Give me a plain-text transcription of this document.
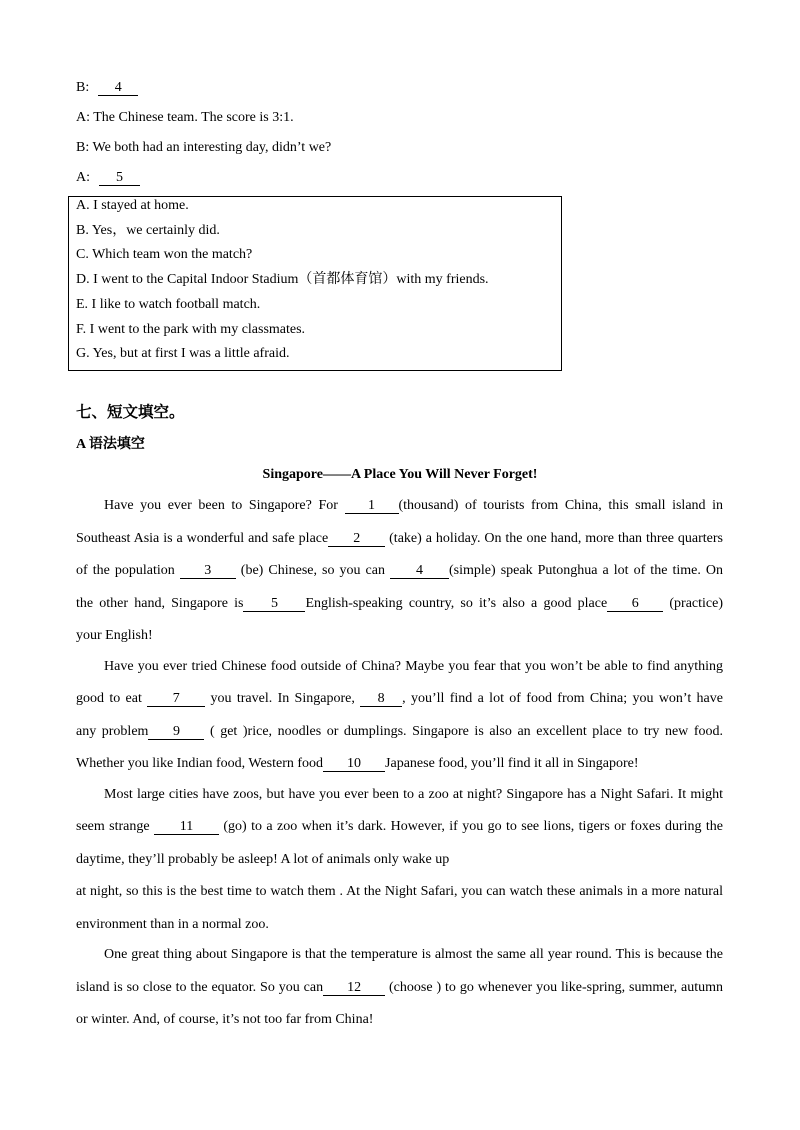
B: 4
A: The Chinese team. The score is 3:1.
B: We both had an interesting day, didn’t we?
A: 5
A. I stayed at home.
B. Yes，we certainly did.
C. Which team won the match?
D. I went to the Capital Indoor Stadium（首都体育馆）with my friends.
E. I like to watch football match.
F. I went to the park with my classmates.
G. Yes, but at first I was a little afraid.
七、短文填空。
A 语法填空
Singapore——A Place You Will Never Forget!
Have you ever been to Singapore? For 1 (thousand) of tourists from China, this small island in
Southeast Asia is a wonderful and safe place 2 (take) a holiday. On the one hand, more than three quarters
of the population 3 (be) Chinese, so you can 4 (simple) speak Putonghua a lot of the time. On
the other hand, Singapore is 5 English-speaking country, so it’s also a good place 6 (practice)
your English!
Have you ever tried Chinese food outside of China? Maybe you fear that you won’t be able to find anything
good to eat 7 you travel. In Singapore, 8 , you’ll find a lot of food from China; you won’t have
any problem 9 ( get )rice, noodles or dumplings. Singapore is also an excellent place to try new food.
Whether you like Indian food, Western food 10 Japanese food, you’ll find it all in Singapore!
Most large cities have zoos, but have you ever been to a zoo at night? Singapore has a Night Safari. It might
seem strange 11 (go) to a zoo when it’s dark. However, if you go to see lions, tigers or foxes during the
daytime, they’ll probably be asleep! A lot of animals only wake up
at night, so this is the best time to watch them . At the Night Safari, you can watch these animals in a more natural
environment than in a normal zoo.
One great thing about Singapore is that the temperature is almost the same all year round. This is because the
island is so close to the equator. So you can 12 (choose ) to go whenever you like-spring, summer, autumn
or winter. And, of course, it’s not too far from China!
